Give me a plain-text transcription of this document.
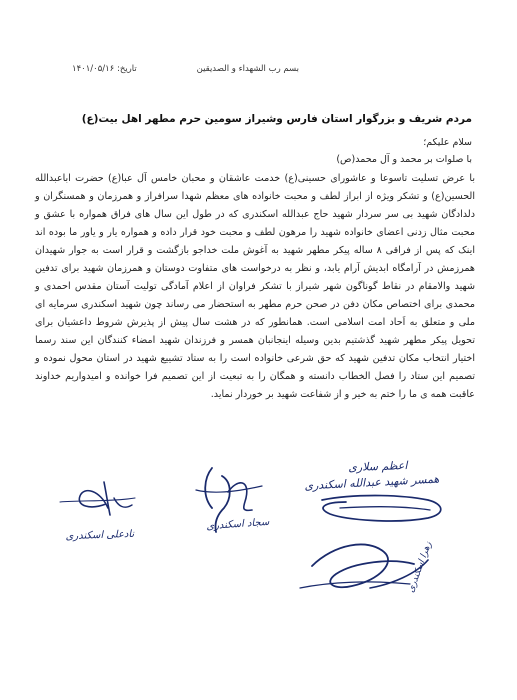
بسم رب الشهداء و الصدیقین
تاریخ: ۱۴۰۱/۰۵/۱۶
مردم شریف و بزرگوار استان فارس وشیراز سومین حرم مطهر اهل بیت(ع)
سلام علیکم؛
با صلوات بر محمد و آل محمد(ص)

با عرض تسلیت تاسوعا و عاشورای حسینی(ع) خدمت عاشقان و محبان خامس آل عبا(ع) حضرت اباعبدالله الحسین(ع) و تشکر ویژه از ابراز لطف و محبت خانواده های معظم شهدا سرافراز و همرزمان و همسنگران و دلدادگان شهید بی سر سردار شهید حاج عبدالله اسکندری که در طول این سال های فراق همواره با عشق و محبت مثال زدنی اعضای خانواده شهید را مرهون لطف و محبت خود قرار داده و همواره یار و یاور ما بوده اند اینک که پس از فراقی ۸ ساله پیکر مطهر شهید به آغوش ملت خداجو بازگشت و قرار است به جوار شهیدان همرزمش در آرامگاه ابدیش آرام یابد، و نظر به درخواست های متفاوت دوستان و همرزمان شهید برای تدفین شهید والامقام در نقاط گوناگون شهر شیراز با تشکر فراوان از اعلام آمادگی تولیت آستان مقدس احمدی و محمدی برای اختصاص مکان دفن در صحن حرم مطهر به استحضار می رساند چون شهید اسکندری سرمایه ای ملی و متعلق به اَحاد امت اسلامی است. همانطور که در هشت سال پیش از پذیرش شروط داعشیان برای تحویل پیکر مطهر شهید گذشتیم بدین وسیله اینجانبان همسر و فرزندان شهید امضاء کنندگان این سند رسما اختیار انتخاب مکان تدفین شهید که حق شرعی خانواده است را به ستاد تشییع شهید در استان محول نموده و تصمیم این ستاد را فصل الخطاب دانسته و همگان را به تبعیت از این تصمیم فرا خوانده و امیدواریم خداوند عاقبت همه ی ما را ختم به خیر و از شفاعت شهید بر خوردار نماید.

نادعلی اسکندری
سجاد اسکندری
اعظم سلاری
همسر شهید عبدالله اسکندری
زهرا اسکندری
